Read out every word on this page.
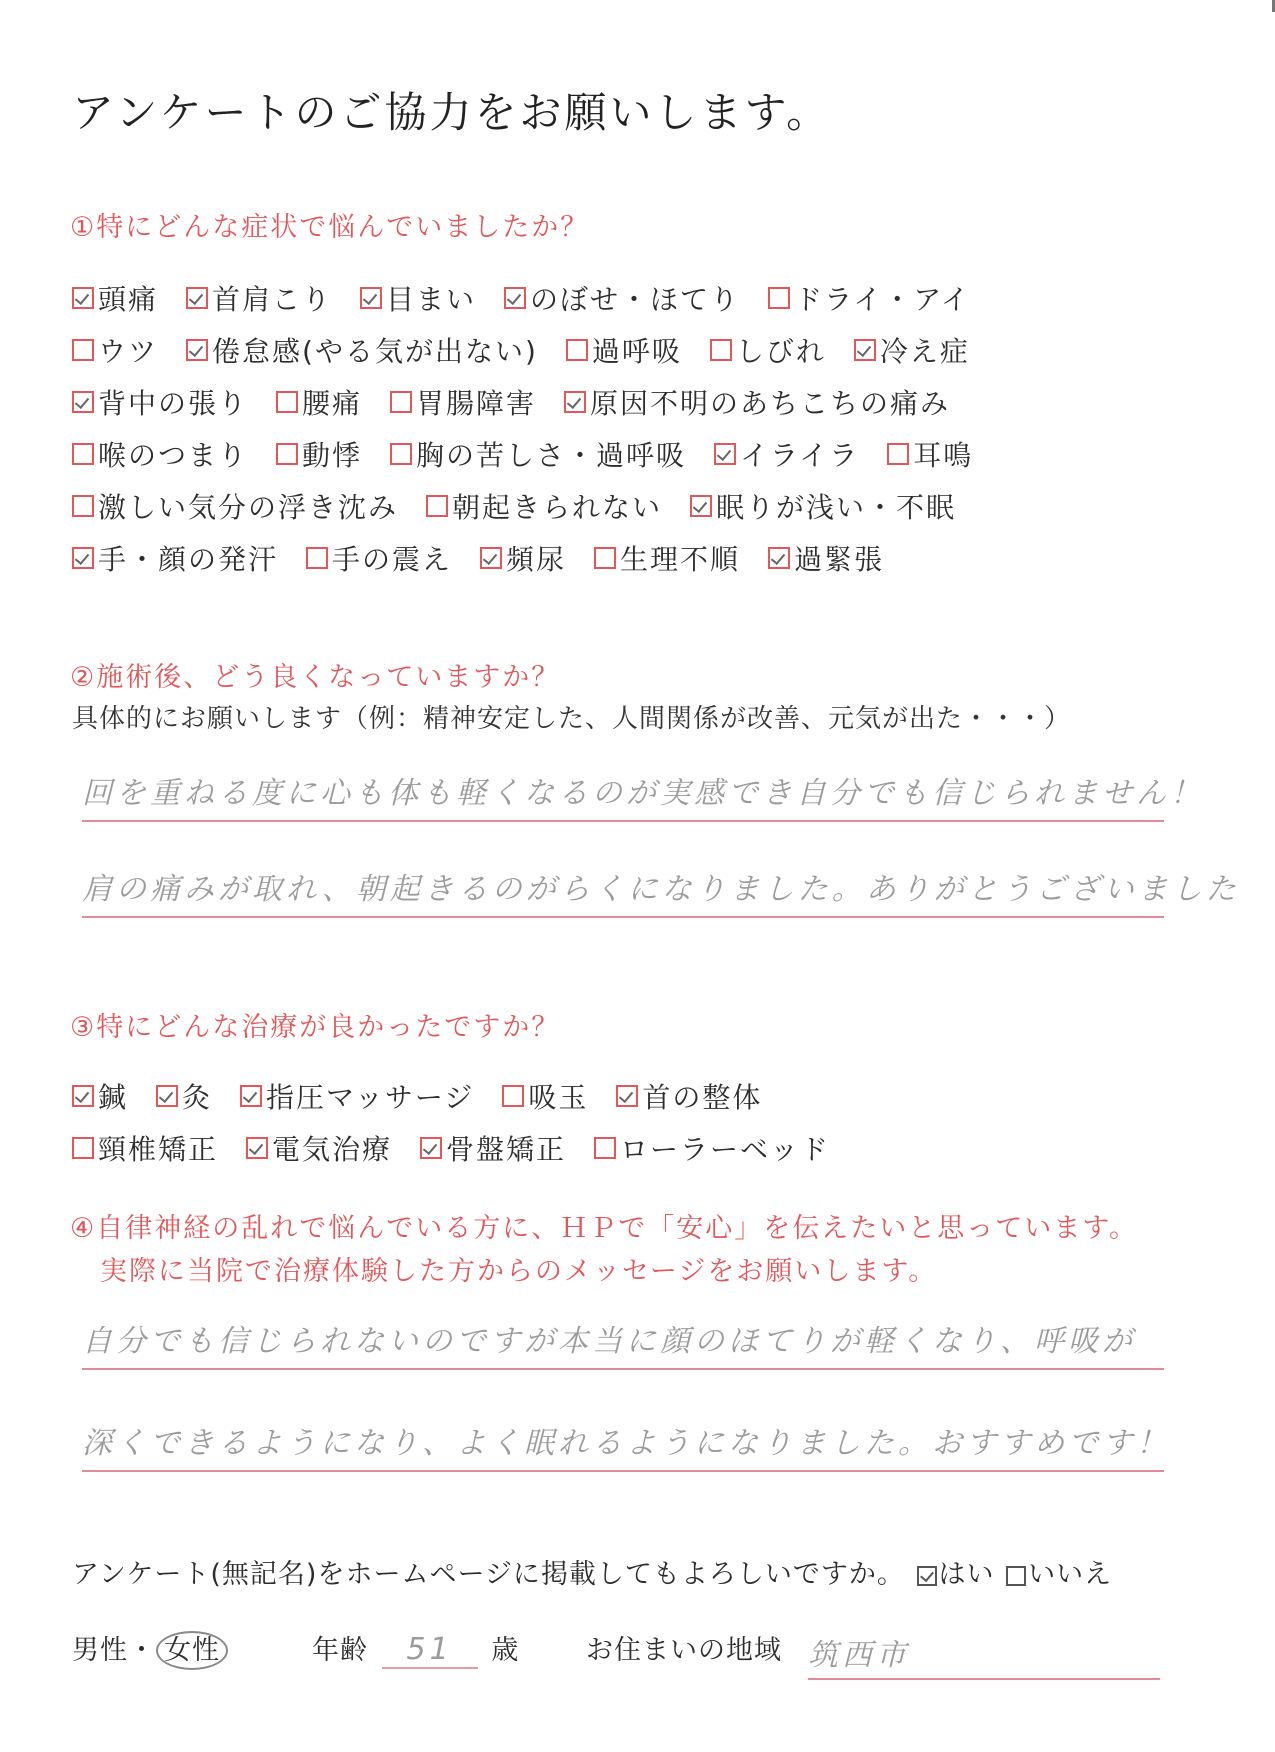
アンケートのご協力をお願いします。
①特にどんな症状で悩んでいましたか？
頭痛 首肩こり 目まい のぼせ・ほてり ドライ・アイ
ウツ 倦怠感(やる気が出ない) 過呼吸 しびれ 冷え症
背中の張り 腰痛 胃腸障害 原因不明のあちこちの痛み
喉のつまり 動悸 胸の苦しさ・過呼吸 イライラ 耳鳴
激しい気分の浮き沈み 朝起きられない 眠りが浅い・不眠
手・顔の発汗 手の震え 頻尿 生理不順 過緊張
②施術後、どう良くなっていますか？
具体的にお願いします（例：精神安定した、人間関係が改善、元気が出た・・・）
回を重ねる度に心も体も軽くなるのが実感でき自分でも信じられません！
肩の痛みが取れ、朝起きるのがらくになりました。ありがとうございました
③特にどんな治療が良かったですか？
鍼 灸 指圧マッサージ 吸玉 首の整体
頸椎矯正 電気治療 骨盤矯正 ローラーベッド
④自律神経の乱れで悩んでいる方に、ＨＰで「安心」を伝えたいと思っています。
実際に当院で治療体験した方からのメッセージをお願いします。
自分でも信じられないのですが本当に顔のほてりが軽くなり、呼吸が
深くできるようになり、よく眠れるようになりました。おすすめです！
アンケート(無記名)をホームページに掲載してもよろしいですか。 はい いいえ
男性・ 女性	年齢 51 歳 お住まいの地域 筑西市
